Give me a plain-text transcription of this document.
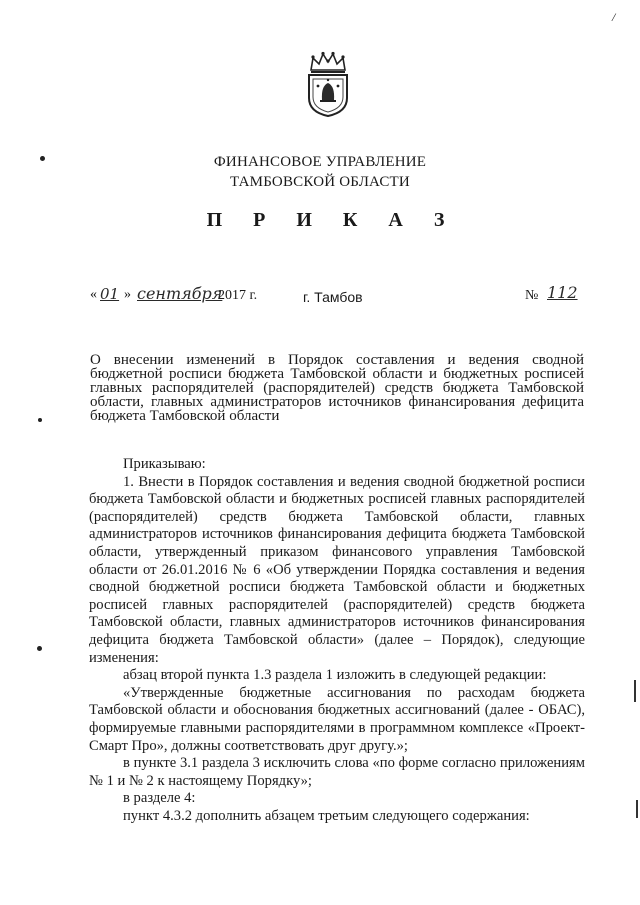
ФИНАНСОВОЕ УПРАВЛЕНИЕ
ТАМБОВСКОЙ ОБЛАСТИ
П Р И К А З
« 01 » сентября
2017 г.	г. Тамбов	№ 112
О внесении изменений в Порядок составления и ведения сводной бюджетной росписи бюджета Тамбовской области и бюджетных росписей главных распорядителей (распорядителей) средств бюджета Тамбовской области, главных администраторов источников финансирования дефицита бюджета Тамбовской области

Приказываю:

1. Внести в Порядок составления и ведения сводной бюджетной росписи бюджета Тамбовской области и бюджетных росписей главных распорядителей (распорядителей) средств бюджета Тамбовской области, главных администраторов источников финансирования дефицита бюджета Тамбовской области, утвержденный приказом финансового управления Тамбовской области от 26.01.2016 № 6 «Об утверждении Порядка составления и ведения сводной бюджетной росписи бюджета Тамбовской области и бюджетных росписей главных распорядителей (распорядителей) средств бюджета Тамбовской области, главных администраторов источников финансирования дефицита бюджета Тамбовской области» (далее – Порядок), следующие изменения:

абзац второй пункта 1.3 раздела 1 изложить в следующей редакции:

«Утвержденные бюджетные ассигнования по расходам бюджета Тамбовской области и обоснования бюджетных ассигнований (далее - ОБАС), формируемые главными распорядителями в программном комплексе «Проект-Смарт Про», должны соответствовать друг другу.»;

в пункте 3.1 раздела 3 исключить слова «по форме согласно приложениям № 1 и № 2 к настоящему Порядку»;

в разделе 4:

пункт 4.3.2 дополнить абзацем третьим следующего содержания:

/
